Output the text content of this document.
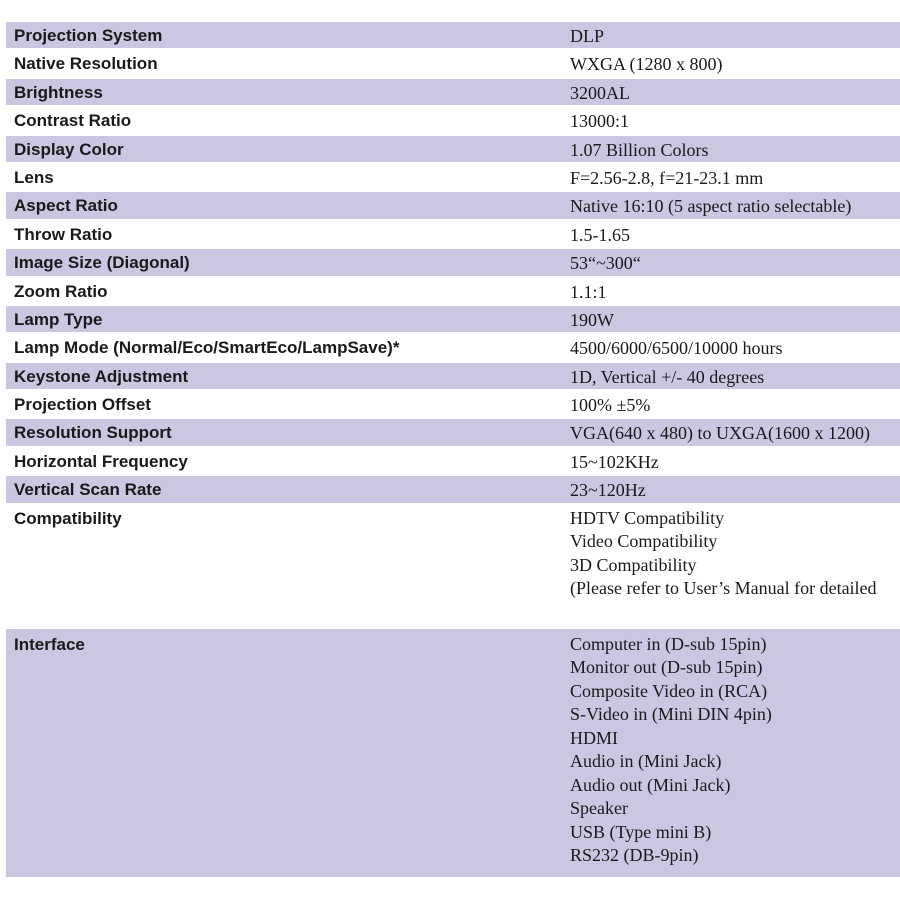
Projection System	DLP
Native Resolution	WXGA (1280 x 800)
Brightness	3200AL
Contrast Ratio	13000:1
Display Color	1.07 Billion Colors
Lens	F=2.56-2.8, f=21-23.1 mm
Aspect Ratio	Native 16:10 (5 aspect ratio selectable)
Throw Ratio	1.5-1.65
Image Size (Diagonal)	53“~300“
Zoom Ratio	1.1:1
Lamp Type	190W
Lamp Mode (Normal/Eco/SmartEco/LampSave)*	4500/6000/6500/10000 hours
Keystone Adjustment	1D, Vertical +/- 40 degrees
Projection Offset	100% ±5%
Resolution Support	VGA(640 x 480) to UXGA(1600 x 1200)
Horizontal Frequency	15~102KHz
Vertical Scan Rate	23~120Hz
Compatibility	HDTV Compatibility
Video Compatibility
3D Compatibility
(Please refer to User’s Manual for detailed
Interface	Computer in (D-sub 15pin)
Monitor out (D-sub 15pin)
Composite Video in (RCA)
S-Video in (Mini DIN 4pin)
HDMI
Audio in (Mini Jack)
Audio out (Mini Jack)
Speaker
USB (Type mini B)
RS232 (DB-9pin)
